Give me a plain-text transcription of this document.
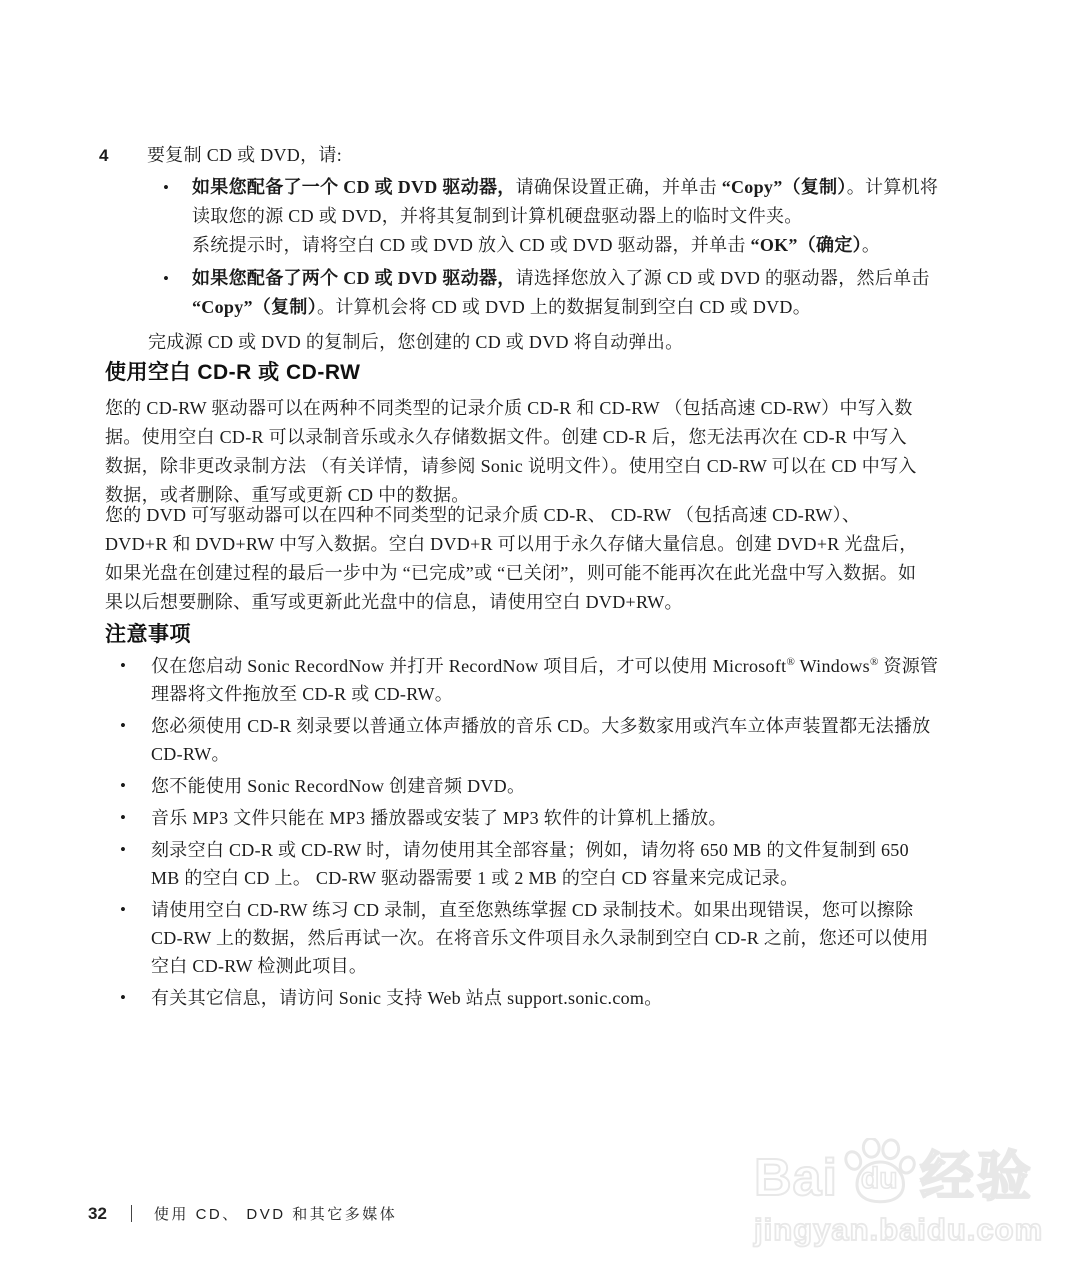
4	要复制 CD 或 DVD，请:
•	如果您配备了一个 CD 或 DVD 驱动器，请确保设置正确，并单击 “Copy”（复制）。计算机将读取您的源 CD 或 DVD，并将其复制到计算机硬盘驱动器上的临时文件夹。

系统提示时，请将空白 CD 或 DVD 放入 CD 或 DVD 驱动器，并单击 “OK”（确定）。

•	如果您配备了两个 CD 或 DVD 驱动器，请选择您放入了源 CD 或 DVD 的驱动器，然后单击 “Copy”（复制）。计算机会将 CD 或 DVD 上的数据复制到空白 CD 或 DVD。

完成源 CD 或 DVD 的复制后，您创建的 CD 或 DVD 将自动弹出。

使用空白 CD-R 或 CD-RW

您的 CD-RW 驱动器可以在两种不同类型的记录介质 CD-R 和 CD-RW （包括高速 CD-RW）中写入数据。使用空白 CD-R 可以录制音乐或永久存储数据文件。创建 CD-R 后，您无法再次在 CD-R 中写入数据，除非更改录制方法 （有关详情，请参阅 Sonic 说明文件）。使用空白 CD-RW 可以在 CD 中写入数据，或者删除、重写或更新 CD 中的数据。

您的 DVD 可写驱动器可以在四种不同类型的记录介质 CD-R、 CD-RW （包括高速 CD-RW）、DVD+R 和 DVD+RW 中写入数据。空白 DVD+R 可以用于永久存储大量信息。创建 DVD+R 光盘后，如果光盘在创建过程的最后一步中为 “已完成”或 “已关闭”，则可能不能再次在此光盘中写入数据。如果以后想要删除、重写或更新此光盘中的信息，请使用空白 DVD+RW。

注意事项
•	仅在您启动 Sonic RecordNow 并打开 RecordNow 项目后，才可以使用 Microsoft® Windows® 资源管理器将文件拖放至 CD-R 或 CD-RW。

•	您必须使用 CD-R 刻录要以普通立体声播放的音乐 CD。大多数家用或汽车立体声装置都无法播放 CD-RW。

•	您不能使用 Sonic RecordNow 创建音频 DVD。

•	音乐 MP3 文件只能在 MP3 播放器或安装了 MP3 软件的计算机上播放。

•	刻录空白 CD-R 或 CD-RW 时，请勿使用其全部容量；例如，请勿将 650 MB 的文件复制到 650 MB 的空白 CD 上。 CD-RW 驱动器需要 1 或 2 MB 的空白 CD 容量来完成记录。

•	请使用空白 CD-RW 练习 CD 录制，直至您熟练掌握 CD 录制技术。如果出现错误，您可以擦除 CD-RW 上的数据，然后再试一次。在将音乐文件项目永久录制到空白 CD-R 之前，您还可以使用空白 CD-RW 检测此项目。

•	有关其它信息，请访问 Sonic 支持 Web 站点 support.sonic.com。

32	使用 CD、 DVD 和其它多媒体
Bai du 经验
jingyan.baidu.com
